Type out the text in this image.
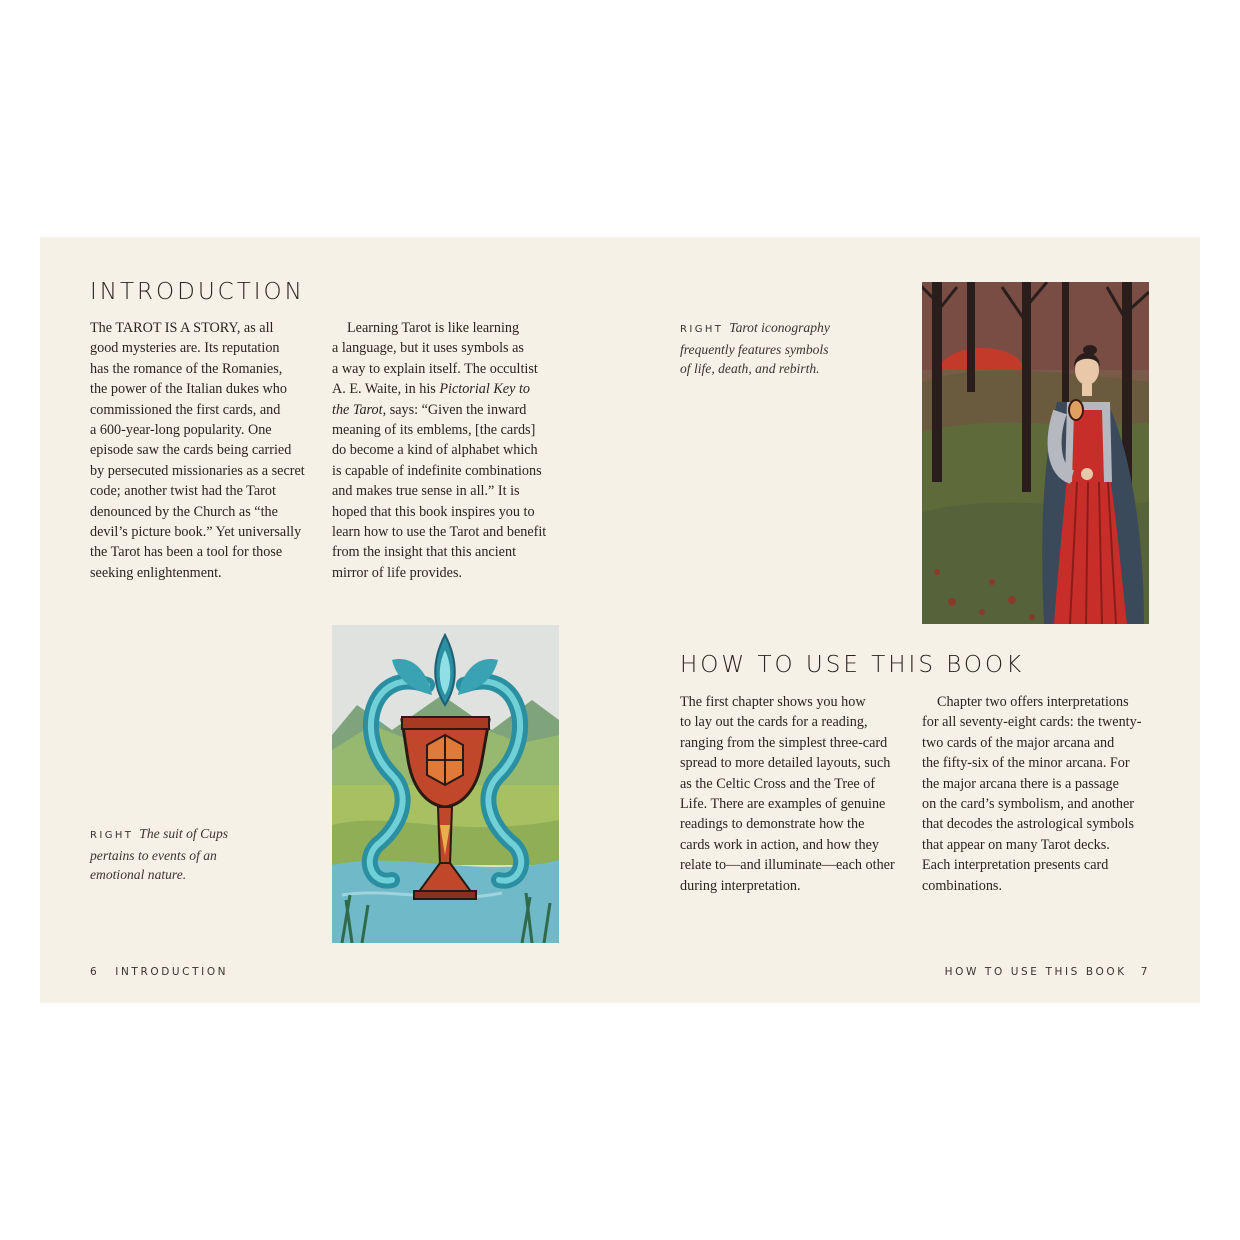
INTRODUCTION
The TAROT IS A STORY, as all
good mysteries are. Its reputation
has the romance of the Romanies,
the power of the Italian dukes who
commissioned the first cards, and
a 600-year-long popularity. One
episode saw the cards being carried
by persecuted missionaries as a secret
code; another twist had the Tarot
denounced by the Church as “the
devil’s picture book.” Yet universally
the Tarot has been a tool for those
seeking enlightenment.
Learning Tarot is like learning
a language, but it uses symbols as
a way to explain itself. The occultist
A. E. Waite, in his Pictorial Key to
the Tarot, says: “Given the inward
meaning of its emblems, [the cards]
do become a kind of alphabet which
is capable of indefinite combinations
and makes true sense in all.” It is
hoped that this book inspires you to
learn how to use the Tarot and benefit
from the insight that this ancient
mirror of life provides.
RIGHT The suit of Cups
pertains to events of an
emotional nature.
6 INTRODUCTION
RIGHT Tarot iconography
frequently features symbols
of life, death, and rebirth.
HOW TO USE THIS BOOK
The first chapter shows you how
to lay out the cards for a reading,
ranging from the simplest three-card
spread to more detailed layouts, such
as the Celtic Cross and the Tree of
Life. There are examples of genuine
readings to demonstrate how the
cards work in action, and how they
relate to—and illuminate—each other
during interpretation.
Chapter two offers interpretations
for all seventy-eight cards: the twenty-
two cards of the major arcana and
the fifty-six of the minor arcana. For
the major arcana there is a passage
on the card’s symbolism, and another
that decodes the astrological symbols
that appear on many Tarot decks.
Each interpretation presents card
combinations.
HOW TO USE THIS BOOK 7
